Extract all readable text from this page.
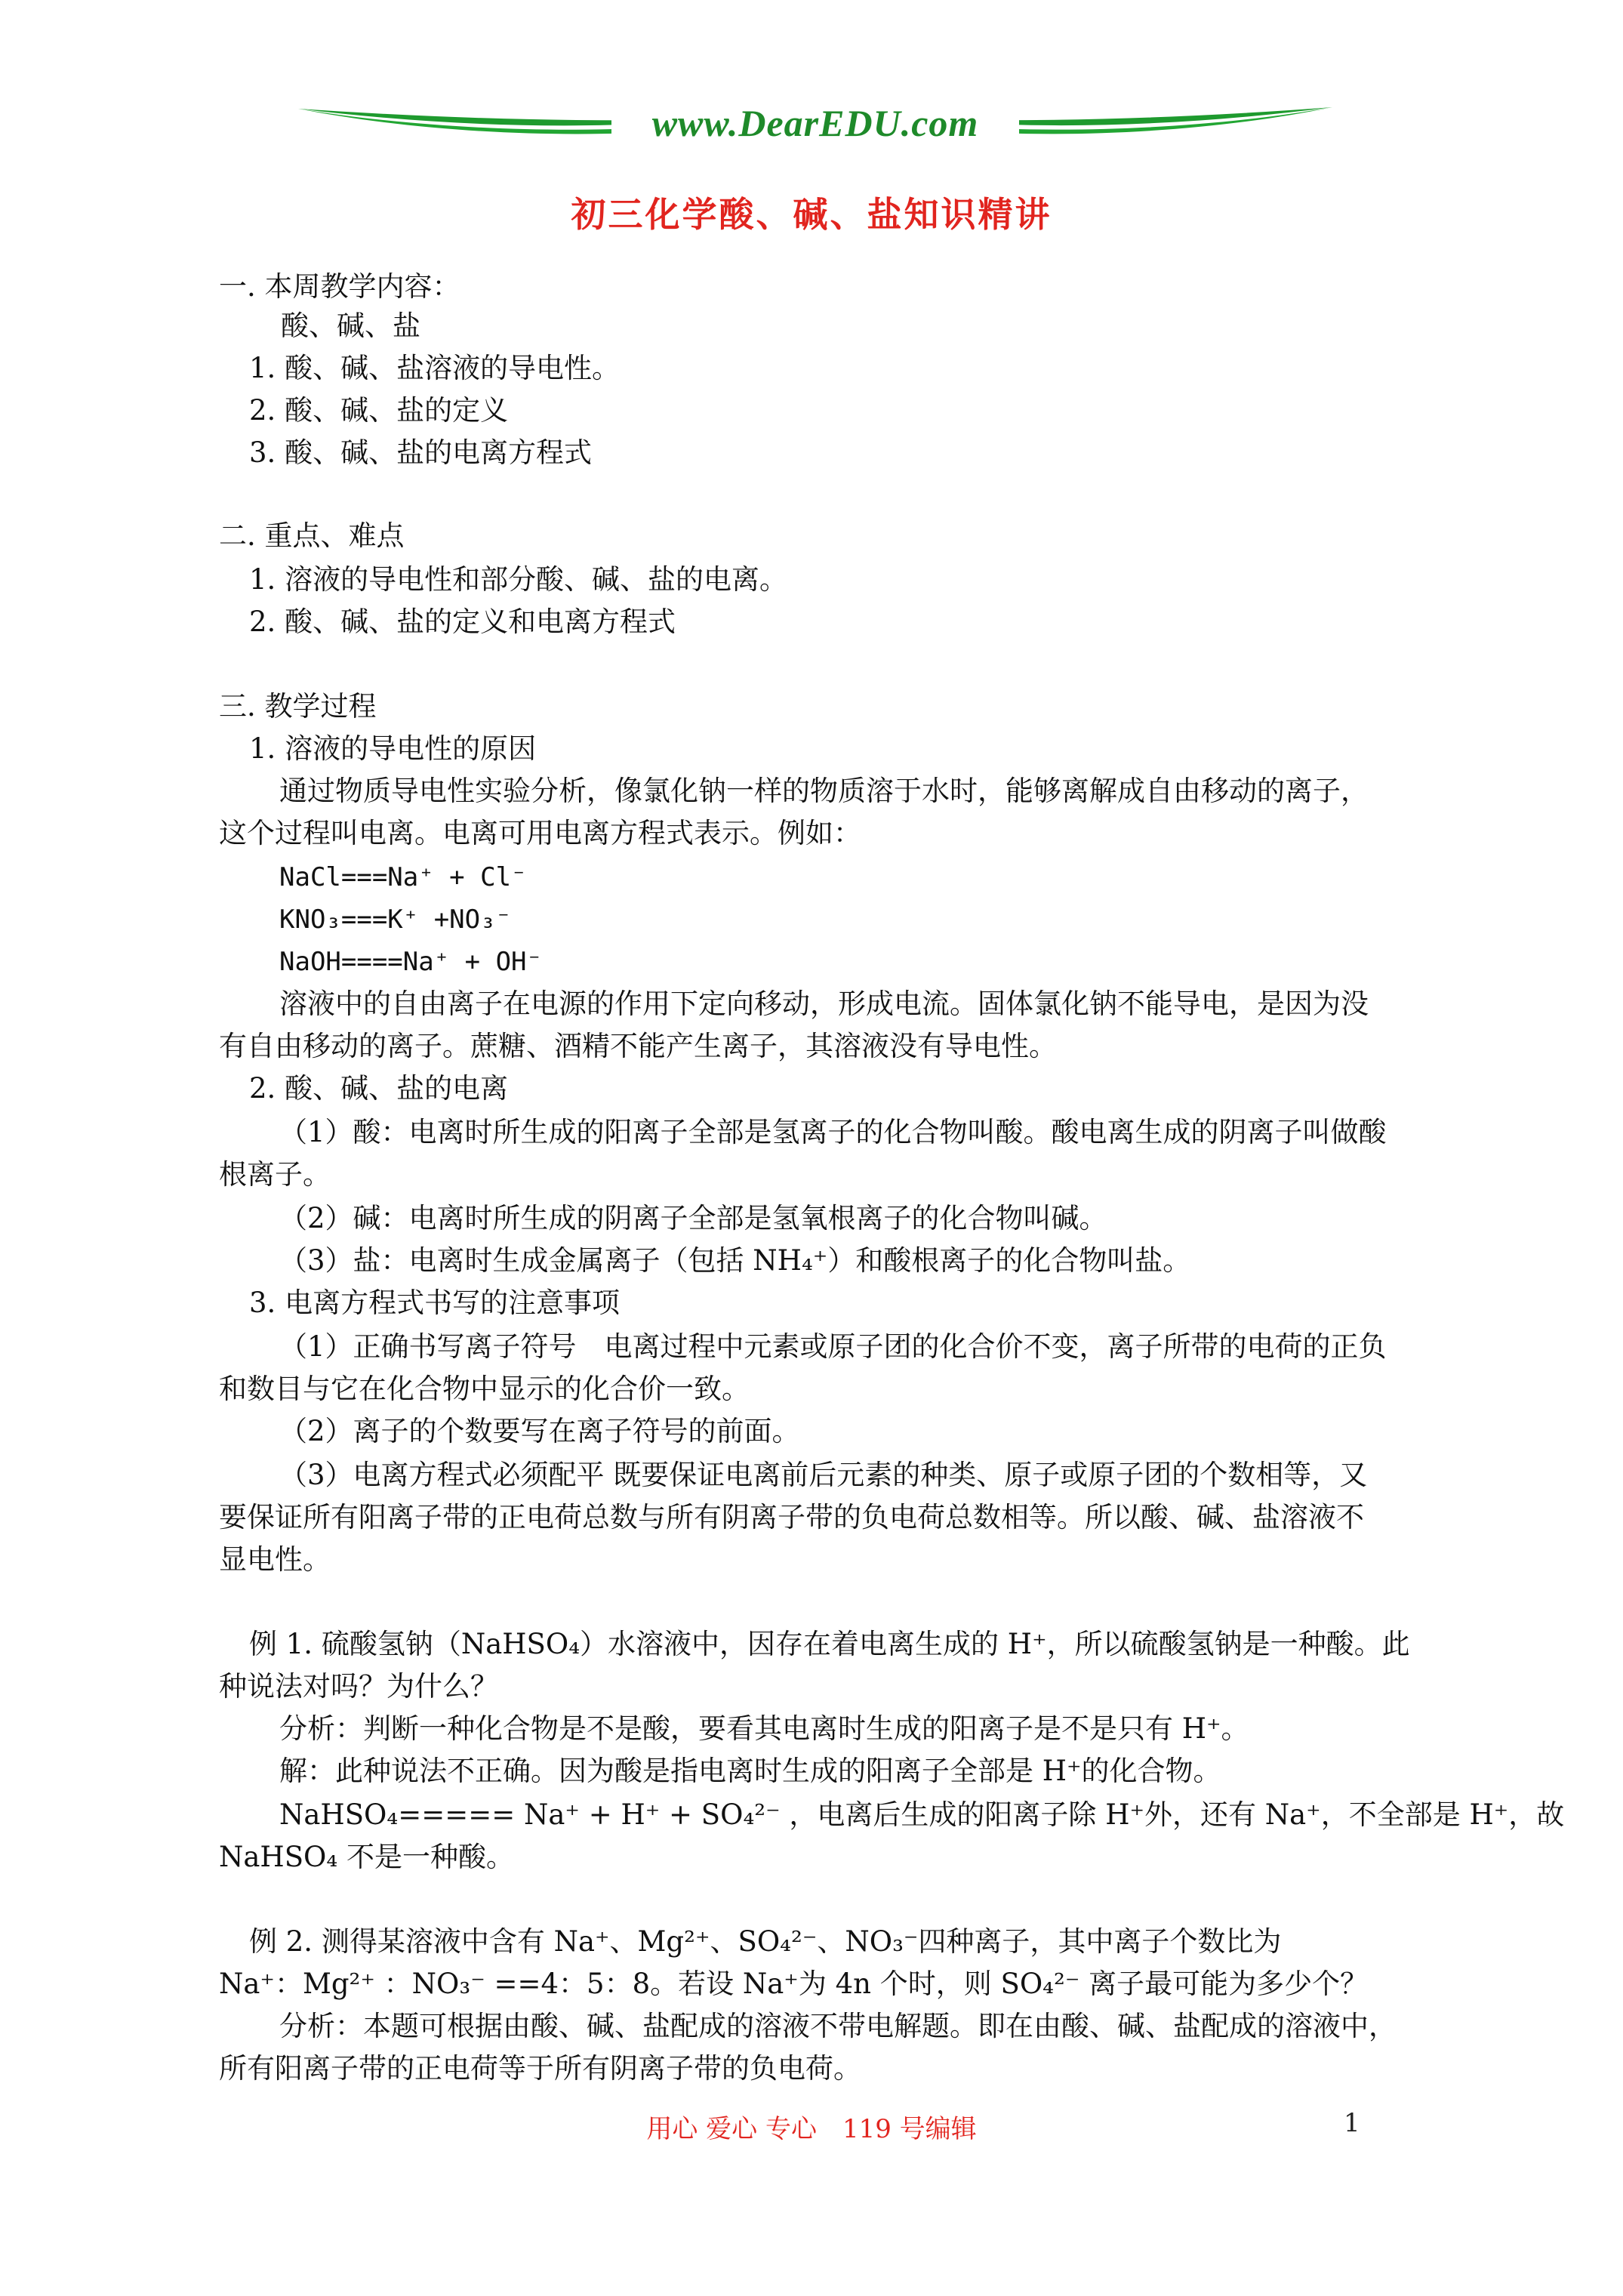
www.DearEDU.com
初三化学酸、碱、盐知识精讲
一. 本周教学内容：
酸、碱、盐
1. 酸、碱、盐溶液的导电性。
2. 酸、碱、盐的定义
3. 酸、碱、盐的电离方程式
二. 重点、难点
1. 溶液的导电性和部分酸、碱、盐的电离。
2. 酸、碱、盐的定义和电离方程式
三. 教学过程
1. 溶液的导电性的原因
通过物质导电性实验分析，像氯化钠一样的物质溶于水时，能够离解成自由移动的离子，
这个过程叫电离。电离可用电离方程式表示。例如：
NaCl===Na⁺ + Cl⁻
KNO₃===K⁺ +NO₃⁻
NaOH====Na⁺ + OH⁻
溶液中的自由离子在电源的作用下定向移动，形成电流。固体氯化钠不能导电，是因为没
有自由移动的离子。蔗糖、酒精不能产生离子，其溶液没有导电性。
2. 酸、碱、盐的电离
（1）酸：电离时所生成的阳离子全部是氢离子的化合物叫酸。酸电离生成的阴离子叫做酸
根离子。
（2）碱：电离时所生成的阴离子全部是氢氧根离子的化合物叫碱。
（3）盐：电离时生成金属离子（包括 NH₄⁺）和酸根离子的化合物叫盐。
3. 电离方程式书写的注意事项
（1）正确书写离子符号　电离过程中元素或原子团的化合价不变，离子所带的电荷的正负
和数目与它在化合物中显示的化合价一致。
（2）离子的个数要写在离子符号的前面。
（3）电离方程式必须配平 既要保证电离前后元素的种类、原子或原子团的个数相等，又
要保证所有阳离子带的正电荷总数与所有阴离子带的负电荷总数相等。所以酸、碱、盐溶液不
显电性。
例 1. 硫酸氢钠（NaHSO₄）水溶液中，因存在着电离生成的 H⁺，所以硫酸氢钠是一种酸。此
种说法对吗？为什么？
分析：判断一种化合物是不是酸，要看其电离时生成的阳离子是不是只有 H⁺。
解：此种说法不正确。因为酸是指电离时生成的阳离子全部是 H⁺的化合物。
NaHSO₄===== Na⁺ + H⁺ + SO₄²⁻ ，电离后生成的阳离子除 H⁺外，还有 Na⁺，不全部是 H⁺，故
NaHSO₄ 不是一种酸。
例 2. 测得某溶液中含有 Na⁺、Mg²⁺、SO₄²⁻、NO₃⁻四种离子，其中离子个数比为
Na⁺：Mg²⁺ ：NO₃⁻ ==4：5：8。若设 Na⁺为 4n 个时，则 SO₄²⁻ 离子最可能为多少个？
分析：本题可根据由酸、碱、盐配成的溶液不带电解题。即在由酸、碱、盐配成的溶液中，
所有阳离子带的正电荷等于所有阴离子带的负电荷。
用心 爱心 专心　119 号编辑	1
